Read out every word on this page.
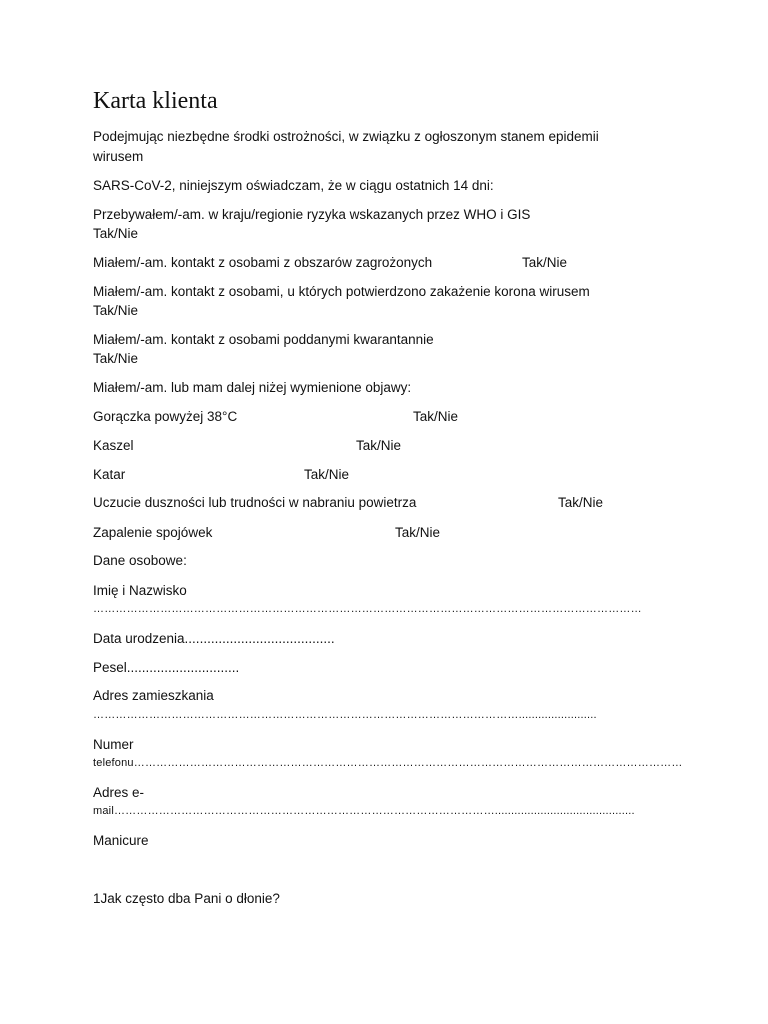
Karta klienta

Podejmując niezbędne środki ostrożności, w związku z ogłoszonym stanem epidemii

wirusem

SARS-CoV-2, niniejszym oświadczam, że w ciągu ostatnich 14 dni:

Przebywałem/-am. w kraju/regionie ryzyka wskazanych przez WHO i GIS

Tak/Nie

Miałem/-am. kontakt z osobami z obszarów zagrożonych	Tak/Nie

Miałem/-am. kontakt z osobami, u których potwierdzono zakażenie korona wirusem

Tak/Nie

Miałem/-am. kontakt z osobami poddanymi kwarantannie

Tak/Nie

Miałem/-am. lub mam dalej niżej wymienione objawy:

Gorączka powyżej 38°C	Tak/Nie

Kaszel	Tak/Nie

Katar	Tak/Nie

Uczucie duszności lub trudności w nabraniu powietrza	Tak/Nie

Zapalenie spojówek	Tak/Nie

Dane osobowe:

Imię i Nazwisko

…………………………………………………………………………………………………………………………………

Data urodzenia........................................

Pesel..............................

Adres zamieszkania

……………………………………………………………………………………………………........................

Numer

telefonu…………………………………………………………………………………………………………………………………

Adres e-

mail…………………………………………………………………………………………...........................................

Manicure

1Jak często dba Pani o dłonie?
